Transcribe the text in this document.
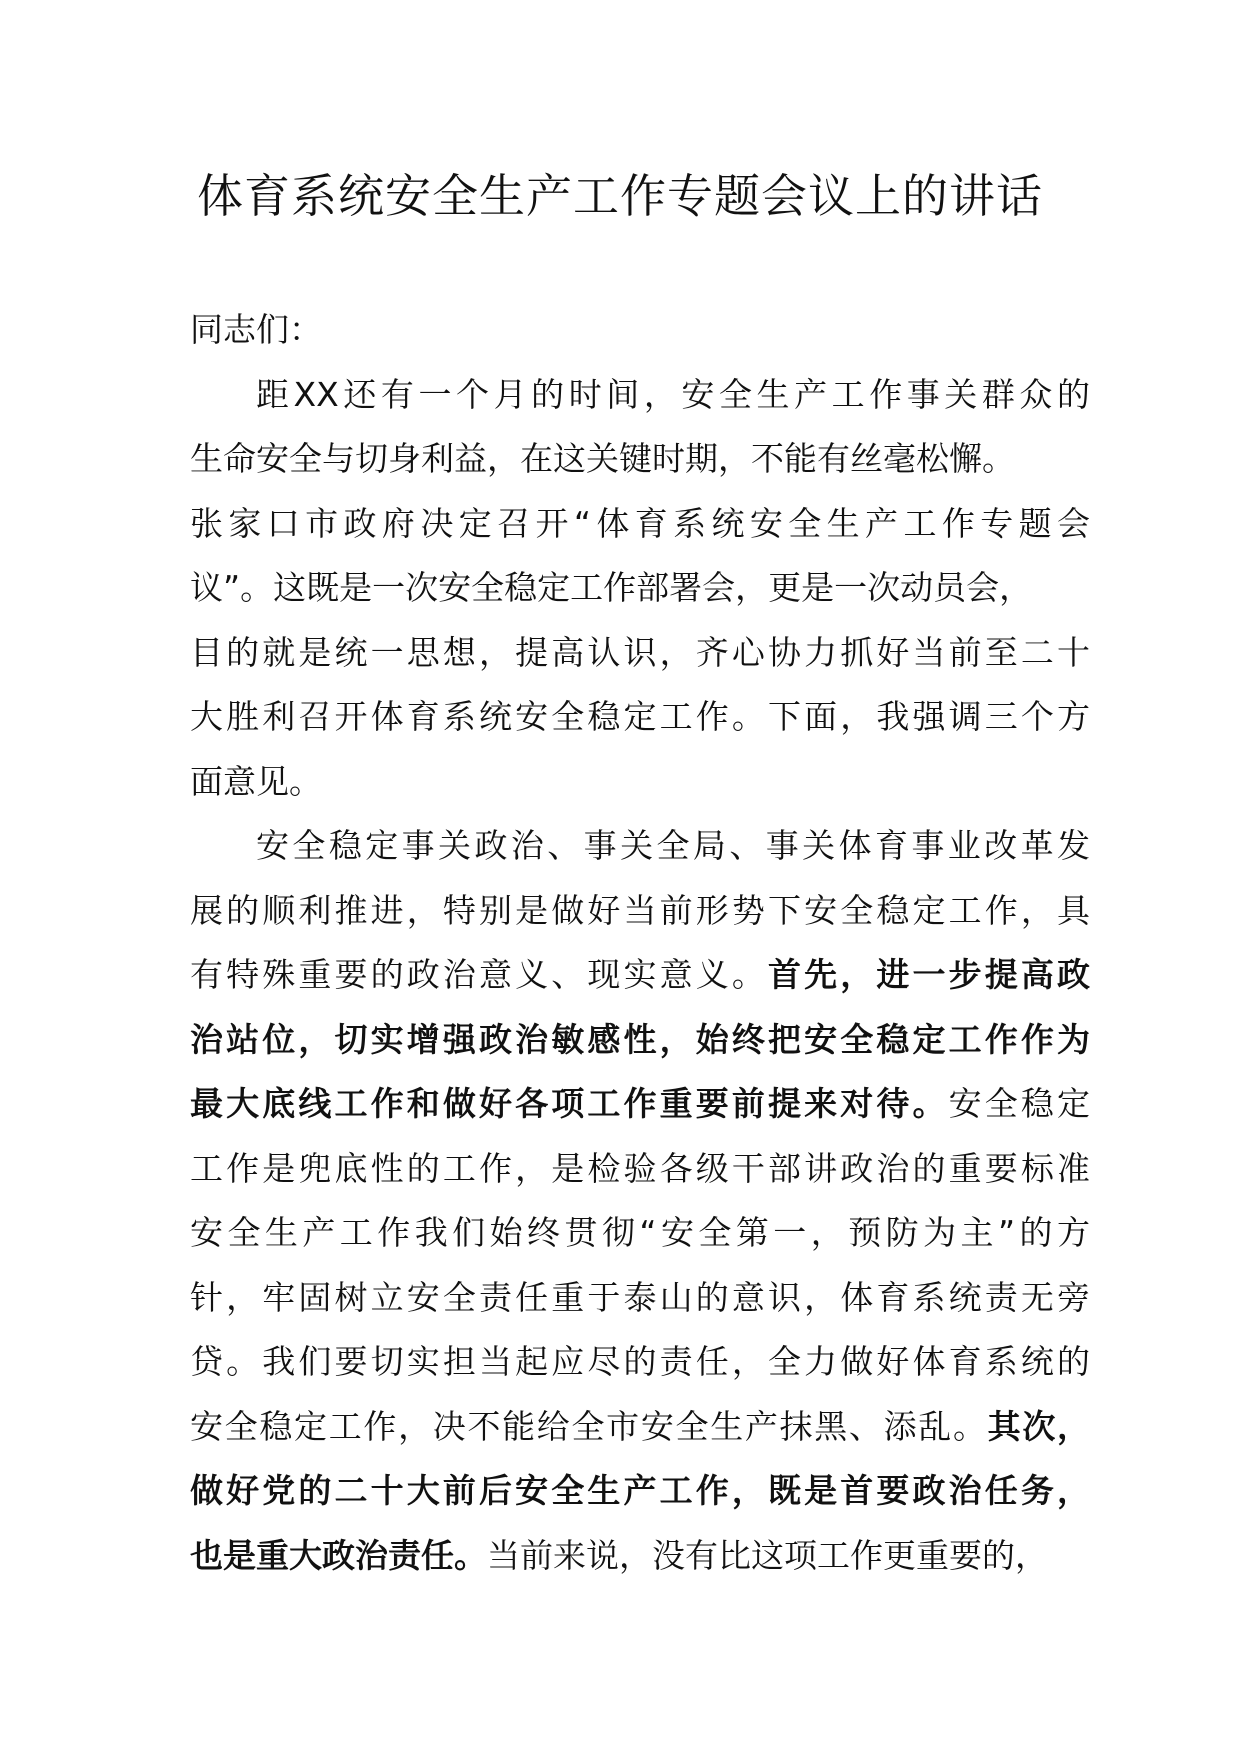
体育系统安全生产工作专题会议上的讲话
同志们：
距XX还有一个月的时间，安全生产工作事关群众的
生命安全与切身利益，在这关键时期，不能有丝毫松懈。
张家口市政府决定召开“体育系统安全生产工作专题会
议”。这既是一次安全稳定工作部署会，更是一次动员会，
目的就是统一思想，提高认识，齐心协力抓好当前至二十
大胜利召开体育系统安全稳定工作。下面，我强调三个方
面意见。
安全稳定事关政治、事关全局、事关体育事业改革发
展的顺利推进，特别是做好当前形势下安全稳定工作，具
有特殊重要的政治意义、现实意义。首先，进一步提高政
治站位，切实增强政治敏感性，始终把安全稳定工作作为
最大底线工作和做好各项工作重要前提来对待。安全稳定
工作是兜底性的工作，是检验各级干部讲政治的重要标准
安全生产工作我们始终贯彻“安全第一，预防为主”的方
针，牢固树立安全责任重于泰山的意识，体育系统责无旁
贷。我们要切实担当起应尽的责任，全力做好体育系统的
安全稳定工作，决不能给全市安全生产抹黑、添乱。其次，
做好党的二十大前后安全生产工作，既是首要政治任务，
也是重大政治责任。当前来说，没有比这项工作更重要的，
